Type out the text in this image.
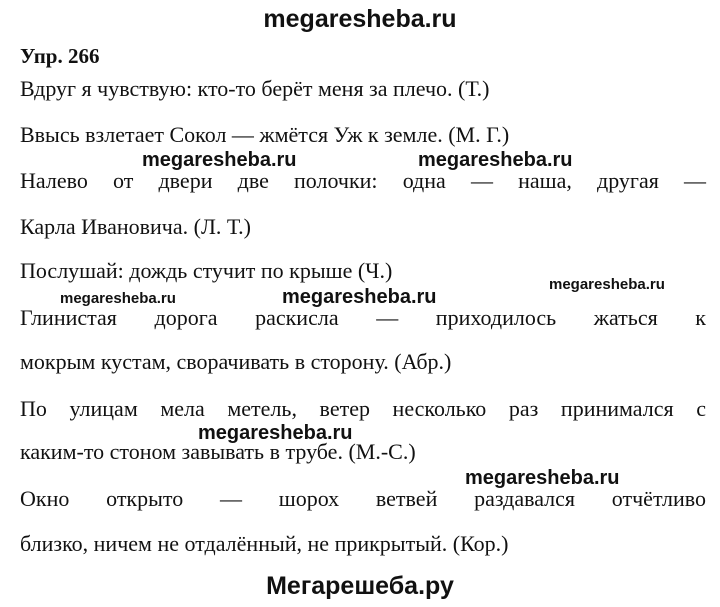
megaresheba.ru
Упр. 266
Вдруг я чувствую: кто-то берёт меня за плечо. (Т.)
Ввысь взлетает Сокол — жмётся Уж к земле. (М. Г.)
Налево от двери две полочки: одна — наша, другая —
Карла Ивановича. (Л. Т.)
Послушай: дождь стучит по крыше (Ч.)
Глинистая дорога раскисла — приходилось жаться к
мокрым кустам, сворачивать в сторону. (Абр.)
По улицам мела метель, ветер несколько раз принимался с
каким-то стоном завывать в трубе. (М.-С.)
Окно открыто — шорох ветвей раздавался отчётливо
близко, ничем не отдалённый, не прикрытый. (Кор.)
megaresheba.ru	megaresheba.ru
megaresheba.ru	megaresheba.ru
megaresheba.ru
megaresheba.ru
megaresheba.ru
Мегарешеба.ру
